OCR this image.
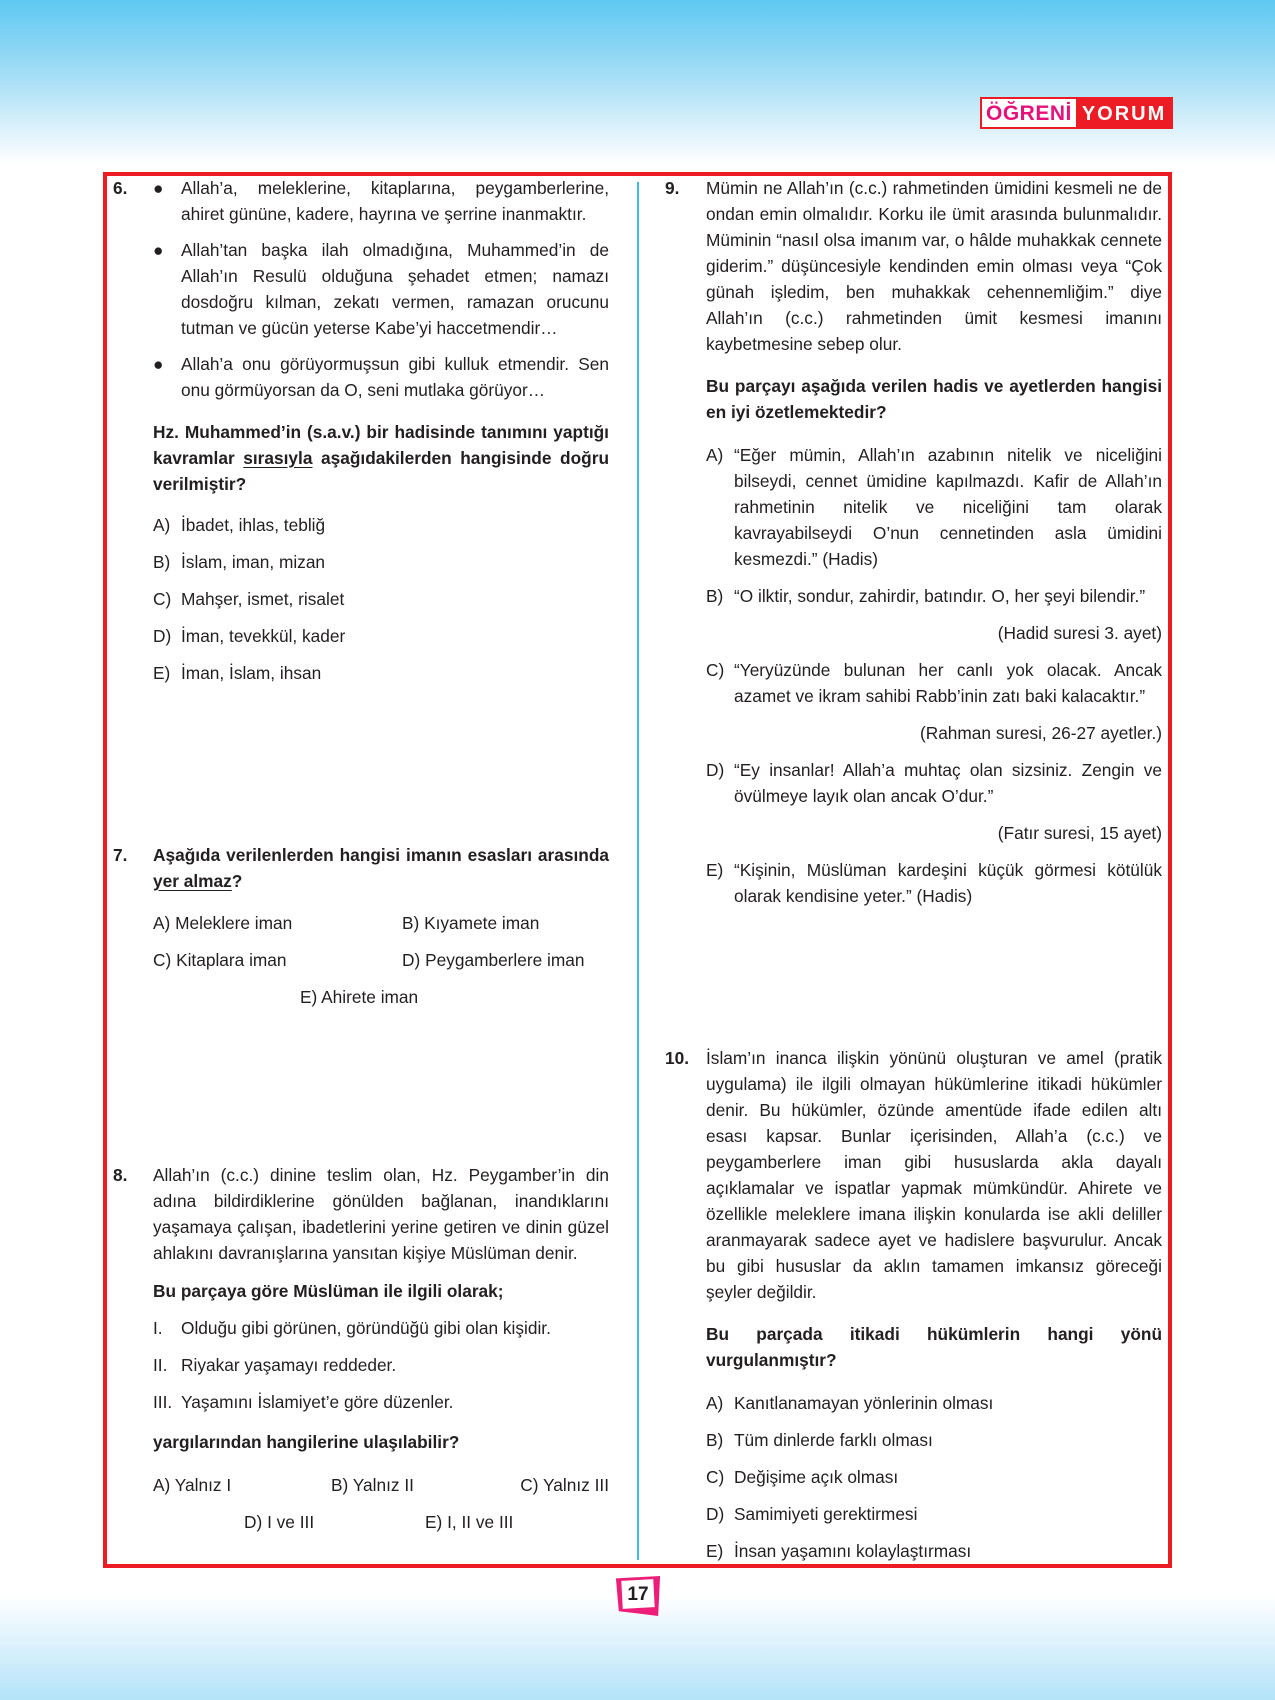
ÖĞRENİ YORUM
6. ● Allah’a, meleklerine, kitaplarına, peygamberlerine, ahiret gününe, kadere, hayrına ve şerrine inanmaktır.
● Allah’tan başka ilah olmadığına, Muhammed’in de Allah’ın Resulü olduğuna şehadet etmen; namazı dosdoğru kılman, zekatı vermen, ramazan orucunu tutman ve gücün yeterse Kabe’yi haccetmendir…
● Allah’a onu görüyormuşsun gibi kulluk etmendir. Sen onu görmüyorsan da O, seni mutlaka görüyor…
Hz. Muhammed’in (s.a.v.) bir hadisinde tanımını yaptığı kavramlar sırasıyla aşağıdakilerden hangisinde doğru verilmiştir?
A) İbadet, ihlas, tebliğ
B) İslam, iman, mizan
C) Mahşer, ismet, risalet
D) İman, tevekkül, kader
E) İman, İslam, ihsan
7. Aşağıda verilenlerden hangisi imanın esasları arasında yer almaz?
A) Meleklere iman	B) Kıyamete iman
C) Kitaplara iman	D) Peygamberlere iman
E) Ahirete iman
8. Allah’ın (c.c.) dinine teslim olan, Hz. Peygamber’in din adına bildirdiklerine gönülden bağlanan, inandıklarını yaşamaya çalışan, ibadetlerini yerine getiren ve dinin güzel ahlakını davranışlarına yansıtan kişiye Müslüman denir.
Bu parçaya göre Müslüman ile ilgili olarak;
I. Olduğu gibi görünen, göründüğü gibi olan kişidir.
II. Riyakar yaşamayı reddeder.
III. Yaşamını İslamiyet’e göre düzenler.
yargılarından hangilerine ulaşılabilir?
A) Yalnız I	B) Yalnız II	C) Yalnız III
D) I ve III	E) I, II ve III
9. Mümin ne Allah’ın (c.c.) rahmetinden ümidini kesmeli ne de ondan emin olmalıdır. Korku ile ümit arasında bulunmalıdır. Müminin “nasıl olsa imanım var, o hâlde muhakkak cennete giderim.” düşüncesiyle kendinden emin olması veya “Çok günah işledim, ben muhakkak cehennemliğim.” diye Allah’ın (c.c.) rahmetinden ümit kesmesi imanını kaybetmesine sebep olur.
Bu parçayı aşağıda verilen hadis ve ayetlerden hangisi en iyi özetlemektedir?
A) “Eğer mümin, Allah’ın azabının nitelik ve niceliğini bilseydi, cennet ümidine kapılmazdı. Kafir de Allah’ın rahmetinin nitelik ve niceliğini tam olarak kavrayabilseydi O’nun cennetinden asla ümidini kesmezdi.” (Hadis)
B) “O ilktir, sondur, zahirdir, batındır. O, her şeyi bilendir.”
(Hadid suresi 3. ayet)
C) “Yeryüzünde bulunan her canlı yok olacak. Ancak azamet ve ikram sahibi Rabb’inin zatı baki kalacaktır.”
(Rahman suresi, 26-27 ayetler.)
D) “Ey insanlar! Allah’a muhtaç olan sizsiniz. Zengin ve övülmeye layık olan ancak O’dur.”
(Fatır suresi, 15 ayet)
E) “Kişinin, Müslüman kardeşini küçük görmesi kötülük olarak kendisine yeter.” (Hadis)
10. İslam’ın inanca ilişkin yönünü oluşturan ve amel (pratik uygulama) ile ilgili olmayan hükümlerine itikadi hükümler denir. Bu hükümler, özünde amentüde ifade edilen altı esası kapsar. Bunlar içerisinden, Allah’a (c.c.) ve peygamberlere iman gibi hususlarda akla dayalı açıklamalar ve ispatlar yapmak mümkündür. Ahirete ve özellikle meleklere imana ilişkin konularda ise akli deliller aranmayarak sadece ayet ve hadislere başvurulur. Ancak bu gibi hususlar da aklın tamamen imkansız göreceği şeyler değildir.
Bu parçada itikadi hükümlerin hangi yönü vurgulanmıştır?
A) Kanıtlanamayan yönlerinin olması
B) Tüm dinlerde farklı olması
C) Değişime açık olması
D) Samimiyeti gerektirmesi
E) İnsan yaşamını kolaylaştırması
17
